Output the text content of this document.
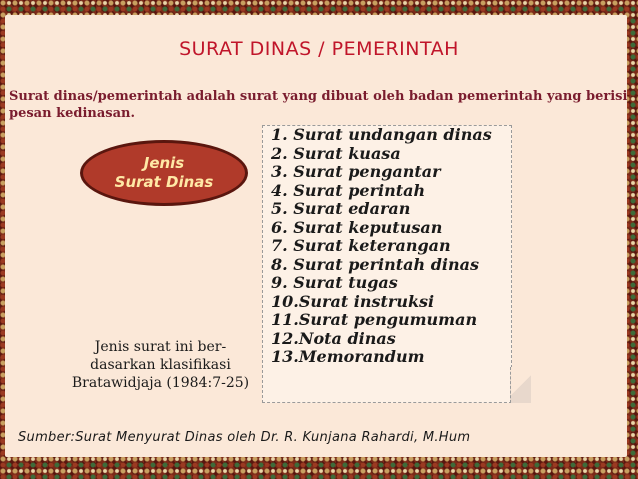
SURAT DINAS / PEMERINTAH
Surat dinas/pemerintah adalah surat yang dibuat oleh badan pemerintah yang berisi pesan kedinasan.
Jenis
Surat Dinas
1. Surat undangan dinas
2. Surat kuasa
3. Surat pengantar
4. Surat perintah
5. Surat edaran
6. Surat keputusan
7. Surat keterangan
8. Surat perintah dinas
9. Surat tugas
10.Surat instruksi
11.Surat pengumuman
12.Nota dinas
13.Memorandum
Jenis surat ini ber-
dasarkan klasifikasi
Bratawidjaja (1984:7-25)
Sumber:Surat Menyurat Dinas oleh Dr. R. Kunjana Rahardi, M.Hum
